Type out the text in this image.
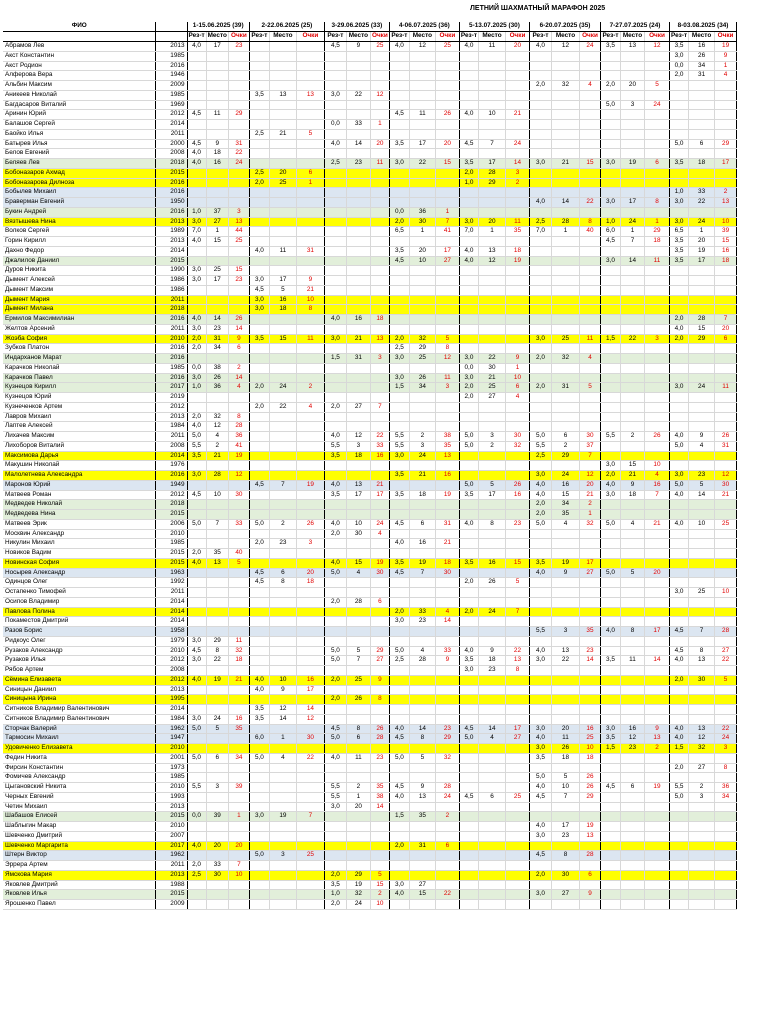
ЛЕТНИЙ ШАХМАТНЫЙ МАРАФОН 2025
ФИО		1-15.06.2025 (39)			2-22.06.2025 (25)			3-29.06.2025 (33)			4-06.07.2025 (36)			5-13.07.2025 (30)			6-20.07.2025 (35)			7-27.07.2025 (24)			8-03.08.2025 (34)		
		Рез-т	Место	Очки	Рез-т	Место	Очки	Рез-т	Место	Очки	Рез-т	Место	Очки	Рез-т	Место	Очки	Рез-т	Место	Очки	Рез-т	Место	Очки	Рез-т	Место	Очки
Абрамов Лев	2013	4,0	17	23				4,5	9	25	4,0	12	25	4,0	11	20	4,0	12	24	3,5	13	12	3,5	16	19
Акст Константин	1985																						3,0	26	9
Акст Родион	2016																						0,0	34	1
Алферова Вера	1946																						2,0	31	4
Альбин Максим	2009																2,0	32	4	2,0	20	5			
Аникеев Николай	1985				3,5	13	13	3,0	22	12															
Багдасаров Виталий	1969																			5,0	3	24			
Аринин Юрий	2012	4,5	11	29							4,5	11	26	4,0	10	21									
Балашов Сергей	2014							0,0	33	1															
Баойко Илья	2011				2,5	21	5																		
Батырев Илья	2000	4,5	9	31				4,0	14	20	3,5	17	20	4,5	7	24							5,0	6	29
Белов Евгений	2008	4,0	18	22																					
Беляев Лев	2018	4,0	16	24				2,5	23	11	3,0	22	15	3,5	17	14	3,0	21	15	3,0	19	6	3,5	18	17
Бобоназаров Ахмад	2015				2,5	20	6							2,0	28	3									
Бобоназарова Дилноза	2016				2,0	25	1							1,0	29	2									
Бобылев Михаил	2016																						1,0	33	2
Браверман Евгений	1950																4,0	14	22	3,0	17	8	3,0	22	13
Букин Андрей	2016	1,0	37	3							0,0	36	1												
Вязтышева Нина	2013	3,0	27	13							2,0	30	7	3,0	20	11	2,5	28	8	1,0	24	1	3,0	24	10
Волков Сергей	1989	7,0	1	44							6,5	1	41	7,0	1	35	7,0	1	40	6,0	1	29	6,5	1	39
Горин Кирилл	2013	4,0	15	25																4,5	7	18	3,5	20	15
Дахно Федор	2014				4,0	11	31				3,5	20	17	4,0	13	18							3,5	19	16
Джалилов Даниил	2015										4,5	10	27	4,0	12	19				3,0	14	11	3,5	17	18
Дуров Никита	1990	3,0	25	15																					
Дымент Алексей	1986	3,0	17	23	3,0	17	9																		
Дымент Максим	1986				4,5	5	21																		
Дымент Мария	2011				3,0	16	10																		
Дымент Милана	2018				3,0	18	8																		
Ермилов Максимилиан	2016	4,0	14	26				4,0	16	18													2,0	28	7
Желтов Арсений	2011	3,0	23	14																			4,0	15	20
Жоэба София	2010	2,0	31	9	3,5	15	11	3,0	21	13	2,0	32	5				3,0	25	11	1,5	22	3	2,0	29	6
Зубков Платон	2016	2,0	34	6							2,5	29	8												
Индарханов Марат	2016							1,5	31	3	3,0	25	12	3,0	22	9	2,0	32	4						
Карачков Николай	1985	0,0	38	2										0,0	30	1									
Карачков Павел	2016	3,0	26	14							3,0	26	11	3,0	21	10									
Кузнецов Кирилл	2017	1,0	36	4	2,0	24	2				1,5	34	3	2,0	25	6	2,0	31	5				3,0	24	11
Кузнецов Юрий	2019													2,0	27	4									
Кузнеченков Артем	2012				2,0	22	4	2,0	27	7															
Лавров Михаил	2013	2,0	32	8																					
Лаптев Алексей	1984	4,0	12	28																					
Лихачев Максим	2011	5,0	4	36				4,0	12	22	5,5	2	38	5,0	3	30	5,0	6	30	5,5	2	26	4,0	9	26
Лихоборов Виталий	2008	5,5	2	41				5,5	3	33	5,5	3	35	5,0	2	32	5,5	2	37				5,0	4	31
Максимова Дарья	2014	3,5	21	19				3,5	18	16	3,0	24	13				2,5	29	7						
Макушин Николай	1976																			3,0	15	10			
Малолетнева Александра	2016	3,0	28	12							3,5	21	16				3,0	24	12	2,0	21	4	3,0	23	12
Маронов Юрий	1949				4,5	7	19	4,0	13	21				5,0	5	26	4,0	16	20	4,0	9	16	5,0	5	30
Матвеев Роман	2012	4,5	10	30				3,5	17	17	3,5	18	19	3,5	17	16	4,0	15	21	3,0	18	7	4,0	14	21
Медведев Николай	2018																2,0	34	2						
Медведева Нина	2015																2,0	35	1						
Матвеев Эрик	2006	5,0	7	33	5,0	2	26	4,0	10	24	4,5	6	31	4,0	8	23	5,0	4	32	5,0	4	21	4,0	10	25
Москвин Александр	2010							2,0	30	4															
Никулин Михаил	1985				2,0	23	3				4,0	16	21												
Новиков Вадим	2015	2,0	35	40																					
Новинская София	2015	4,0	13	5				4,0	15	19	3,5	19	18	3,5	16	15	3,5	19	17						
Носырев Александр	1963				4,5	6	20	5,0	4	30	4,5	7	30				4,0	9	27	5,0	5	20			
Одинцов Олег	1992				4,5	8	18							2,0	26	5									
Остапенко Тимофей	2011																						3,0	25	10
Осипов Владимир	2014							2,0	28	6															
Павлова Полина	2014										2,0	33	4	2,0	24	7									
Покаместов Дмитрий	2014										3,0	23	14												
Разов Борис	1958																5,5	3	35	4,0	8	17	4,5	7	28
Ридкоус Олег	1979	3,0	29	11																					
Рузаков Александр	2010	4,5	8	32				5,0	5	29	5,0	4	33	4,0	9	22	4,0	13	23				4,5	8	27
Рузаков Илья	2012	3,0	22	18				5,0	7	27	2,5	28	9	3,5	18	13	3,0	22	14	3,5	11	14	4,0	13	22
Рябов Артем	2008													3,0	23	8									
Сёмина Елизавета	2012	4,0	19	21	4,0	10	16	2,0	25	9													2,0	30	5
Синицын Даниил	2013				4,0	9	17																		
Синицына Ирина	1995							2,0	26	8															
Ситников Владимир Валентинович	2014				3,5	12	14																		
Ситников Владимир Валентинович	1984	3,0	24	16	3,5	14	12																		
Сторчак Валерий	1962	5,0	5	35				4,5	8	26	4,0	14	23	4,5	14	17	3,0	20	16	3,0	16	9	4,0	13	22
Тармосин Михаил	1947				6,0	1	30	5,0	6	28	4,5	8	29	5,0	4	27	4,0	11	25	3,5	12	13	4,0	12	24
Удовиченко Елизавета	2010																3,0	26	10	1,5	23	2	1,5	32	3
Федин Никита	2001	5,0	6	34	5,0	4	22	4,0	11	23	5,0	5	32				3,5	18	18						
Фирсин Константин	1973																						2,0	27	8
Фомичев Александр	1985																5,0	5	26						
Цыгановский Никита	2010	5,5	3	39				5,5	2	35	4,5	9	28				4,0	10	26	4,5	6	19	5,5	2	36
Черных Евгений	1993							5,5	1	38	4,0	13	24	4,5	6	25	4,5	7	29				5,0	3	34
Четин Михаил	2013							3,0	20	14															
Шабашов Елисей	2015	0,0	39	1	3,0	19	7				1,5	35	2												
Шаблыгин Макар	2010																4,0	17	19						
Шевченко Дмитрий	2007																3,0	23	13						
Шевченко Маргарита	2017	4,0	20	20							2,0	31	6												
Штерн Виктор	1962				5,0	3	25										4,5	8	28						
Эррера Артем	2011	2,0	33	7																					
Ямскова Мария	2013	2,5	30	10				2,0	29	5							2,0	30	6						
Яковлев Дмитрий	1988							3,5	19	15	3,0	27													
Яковлев Илья	2015							1,0	32	2	4,0	15	22				3,0	27	9						
Ярошенко Павел	2009							2,0	24	10															
